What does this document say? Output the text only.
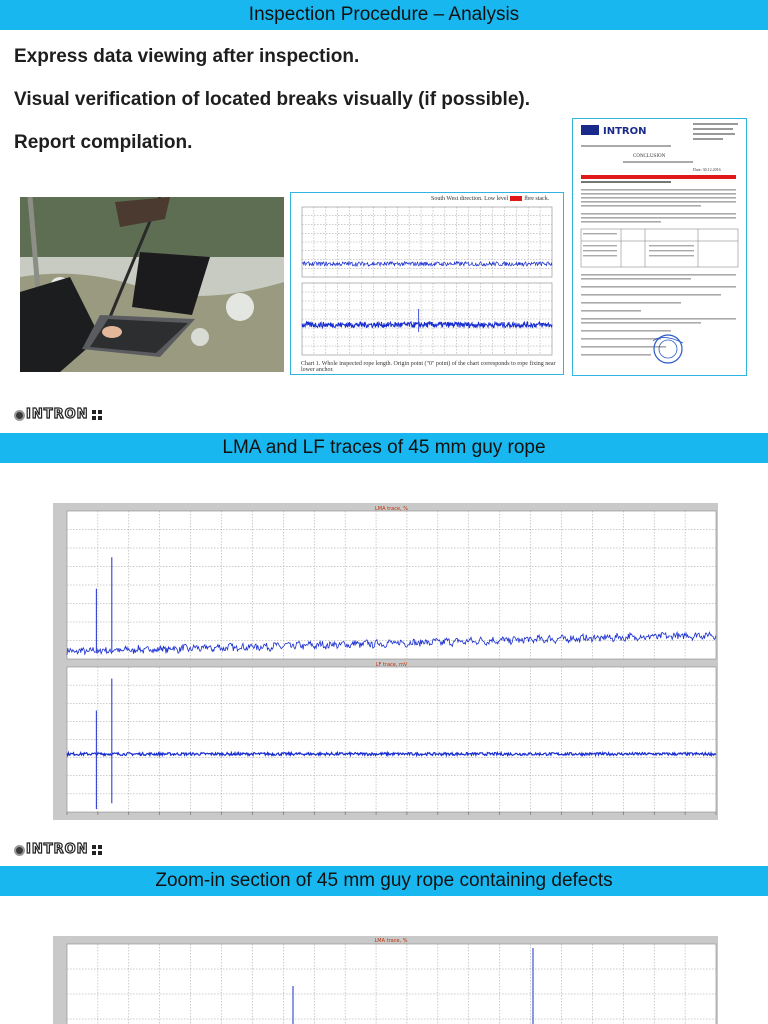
Inspection Procedure – Analysis
Express data viewing after inspection.
Visual verification of located breaks visually (if possible).
Report compilation.
South West direction. Low level	fbre stack.
Chart 1. Whole inspected rope length. Origin point ("0" point) of the chart corresponds to rope fixing near lower anchor.
INTRON
CONCLUSION
Date: 30.12.2016
INTRON
LMA and LF traces of 45 mm guy rope
LMA trace, %
LF trace, mV
INTRON
Zoom-in section of 45 mm guy rope containing defects
LMA trace, %
